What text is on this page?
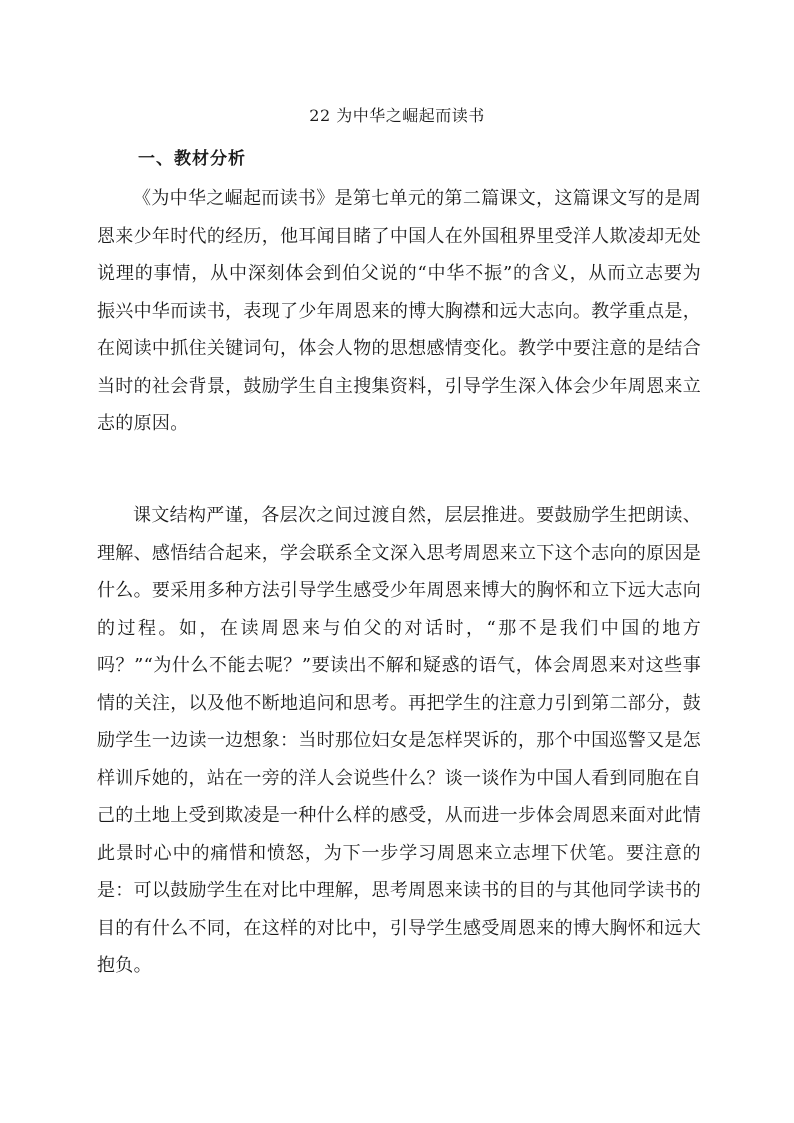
22 为中华之崛起而读书
一、教材分析

《为中华之崛起而读书》是第七单元的第二篇课文，这篇课文写的是周恩来少年时代的经历，他耳闻目睹了中国人在外国租界里受洋人欺凌却无处说理的事情，从中深刻体会到伯父说的“中华不振”的含义，从而立志要为振兴中华而读书，表现了少年周恩来的博大胸襟和远大志向。教学重点是，在阅读中抓住关键词句，体会人物的思想感情变化。教学中要注意的是结合当时的社会背景，鼓励学生自主搜集资料，引导学生深入体会少年周恩来立志的原因。

课文结构严谨，各层次之间过渡自然，层层推进。要鼓励学生把朗读、理解、感悟结合起来，学会联系全文深入思考周恩来立下这个志向的原因是什么。要采用多种方法引导学生感受少年周恩来博大的胸怀和立下远大志向的过程。如，在读周恩来与伯父的对话时，“那不是我们中国的地方吗？”“为什么不能去呢？”要读出不解和疑惑的语气，体会周恩来对这些事情的关注，以及他不断地追问和思考。再把学生的注意力引到第二部分，鼓励学生一边读一边想象：当时那位妇女是怎样哭诉的，那个中国巡警又是怎样训斥她的，站在一旁的洋人会说些什么？谈一谈作为中国人看到同胞在自己的土地上受到欺凌是一种什么样的感受，从而进一步体会周恩来面对此情此景时心中的痛惜和愤怒，为下一步学习周恩来立志埋下伏笔。要注意的是：可以鼓励学生在对比中理解，思考周恩来读书的目的与其他同学读书的目的有什么不同，在这样的对比中，引导学生感受周恩来的博大胸怀和远大抱负。
